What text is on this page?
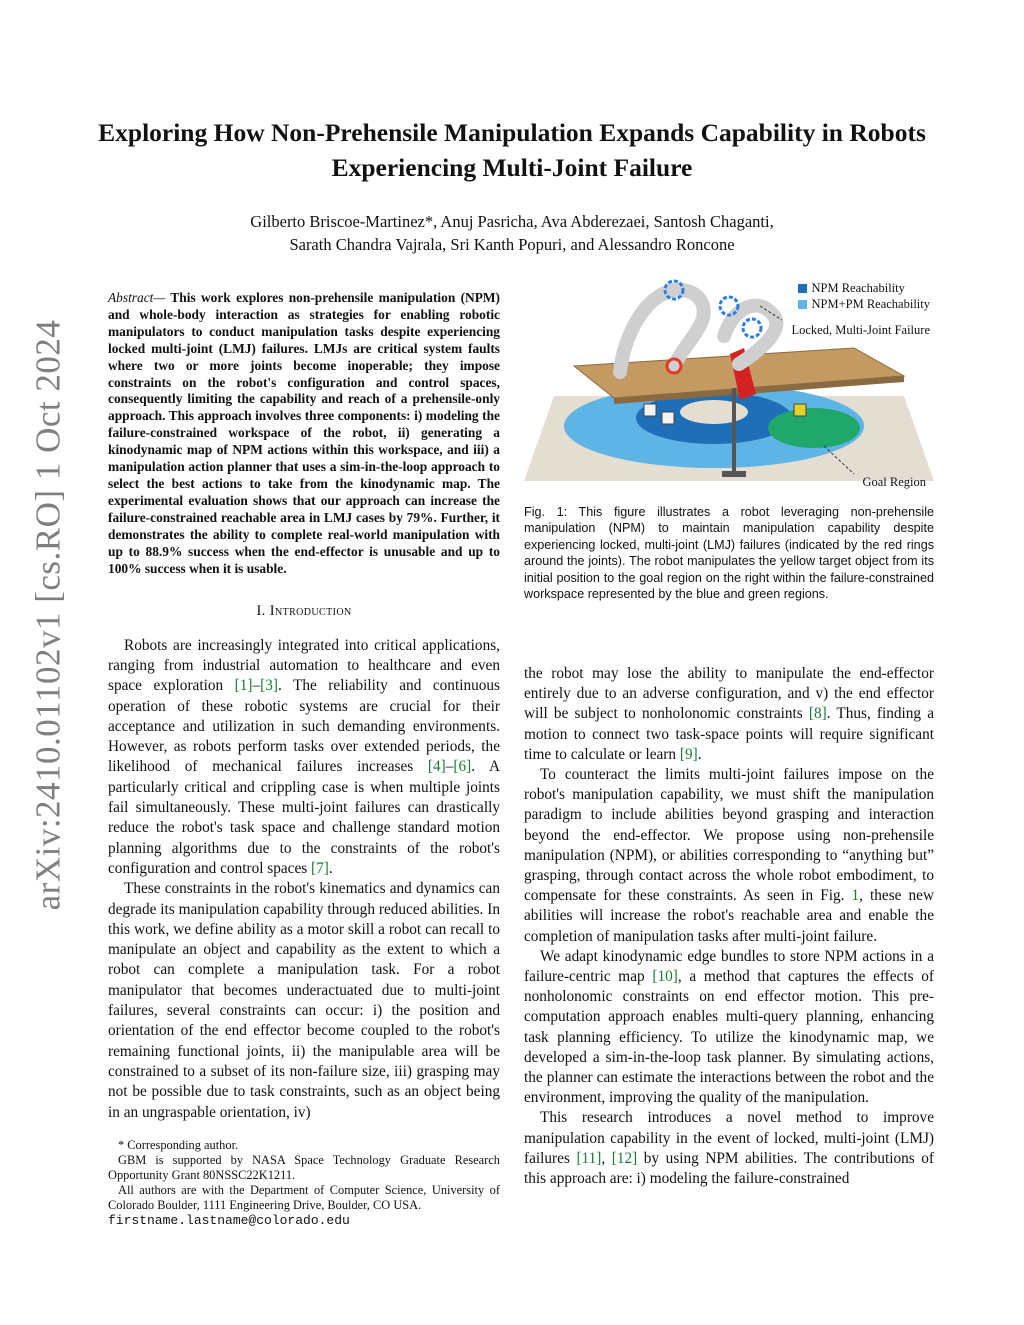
arXiv:2410.01102v1 [cs.RO] 1 Oct 2024
Exploring How Non-Prehensile Manipulation Expands Capability in Robots Experiencing Multi-Joint Failure
Gilberto Briscoe-Martinez*, Anuj Pasricha, Ava Abderezaei, Santosh Chaganti,
Sarath Chandra Vajrala, Sri Kanth Popuri, and Alessandro Roncone

Abstract— This work explores non-prehensile manipulation (NPM) and whole-body interaction as strategies for enabling robotic manipulators to conduct manipulation tasks despite experiencing locked multi-joint (LMJ) failures. LMJs are critical system faults where two or more joints become inoperable; they impose constraints on the robot's configuration and control spaces, consequently limiting the capability and reach of a prehensile-only approach. This approach involves three components: i) modeling the failure-constrained workspace of the robot, ii) generating a kinodynamic map of NPM actions within this workspace, and iii) a manipulation action planner that uses a sim-in-the-loop approach to select the best actions to take from the kinodynamic map. The experimental evaluation shows that our approach can increase the failure-constrained reachable area in LMJ cases by 79%. Further, it demonstrates the ability to complete real-world manipulation with up to 88.9% success when the end-effector is unusable and up to 100% success when it is usable.

I. Introduction

Robots are increasingly integrated into critical applications, ranging from industrial automation to healthcare and even space exploration [1]–[3]. The reliability and continuous operation of these robotic systems are crucial for their acceptance and utilization in such demanding environments. However, as robots perform tasks over extended periods, the likelihood of mechanical failures increases [4]–[6]. A particularly critical and crippling case is when multiple joints fail simultaneously. These multi-joint failures can drastically reduce the robot's task space and challenge standard motion planning algorithms due to the constraints of the robot's configuration and control spaces [7].

These constraints in the robot's kinematics and dynamics can degrade its manipulation capability through reduced abilities. In this work, we define ability as a motor skill a robot can recall to manipulate an object and capability as the extent to which a robot can complete a manipulation task. For a robot manipulator that becomes underactuated due to multi-joint failures, several constraints can occur: i) the position and orientation of the end effector become coupled to the robot's remaining functional joints, ii) the manipulable area will be constrained to a subset of its non-failure size, iii) grasping may not be possible due to task constraints, such as an object being in an ungraspable orientation, iv)

* Corresponding author.

GBM is supported by NASA Space Technology Graduate Research Opportunity Grant 80NSSC22K1211.

All authors are with the Department of Computer Science, University of Colorado Boulder, 1111 Engineering Drive, Boulder, CO USA.

firstname.lastname@colorado.edu
NPM Reachability
NPM+PM Reachability
Locked, Multi-Joint Failure
Goal Region
Fig. 1: This figure illustrates a robot leveraging non-prehensile manipulation (NPM) to maintain manipulation capability despite experiencing locked, multi-joint (LMJ) failures (indicated by the red rings around the joints). The robot manipulates the yellow target object from its initial position to the goal region on the right within the failure-constrained workspace represented by the blue and green regions.

the robot may lose the ability to manipulate the end-effector entirely due to an adverse configuration, and v) the end effector will be subject to nonholonomic constraints [8]. Thus, finding a motion to connect two task-space points will require significant time to calculate or learn [9].

To counteract the limits multi-joint failures impose on the robot's manipulation capability, we must shift the manipulation paradigm to include abilities beyond grasping and interaction beyond the end-effector. We propose using non-prehensile manipulation (NPM), or abilities corresponding to “anything but” grasping, through contact across the whole robot embodiment, to compensate for these constraints. As seen in Fig. 1, these new abilities will increase the robot's reachable area and enable the completion of manipulation tasks after multi-joint failure.

We adapt kinodynamic edge bundles to store NPM actions in a failure-centric map [10], a method that captures the effects of nonholonomic constraints on end effector motion. This pre-computation approach enables multi-query planning, enhancing task planning efficiency. To utilize the kinodynamic map, we developed a sim-in-the-loop task planner. By simulating actions, the planner can estimate the interactions between the robot and the environment, improving the quality of the manipulation.

This research introduces a novel method to improve manipulation capability in the event of locked, multi-joint (LMJ) failures [11], [12] by using NPM abilities. The contributions of this approach are: i) modeling the failure-constrained
